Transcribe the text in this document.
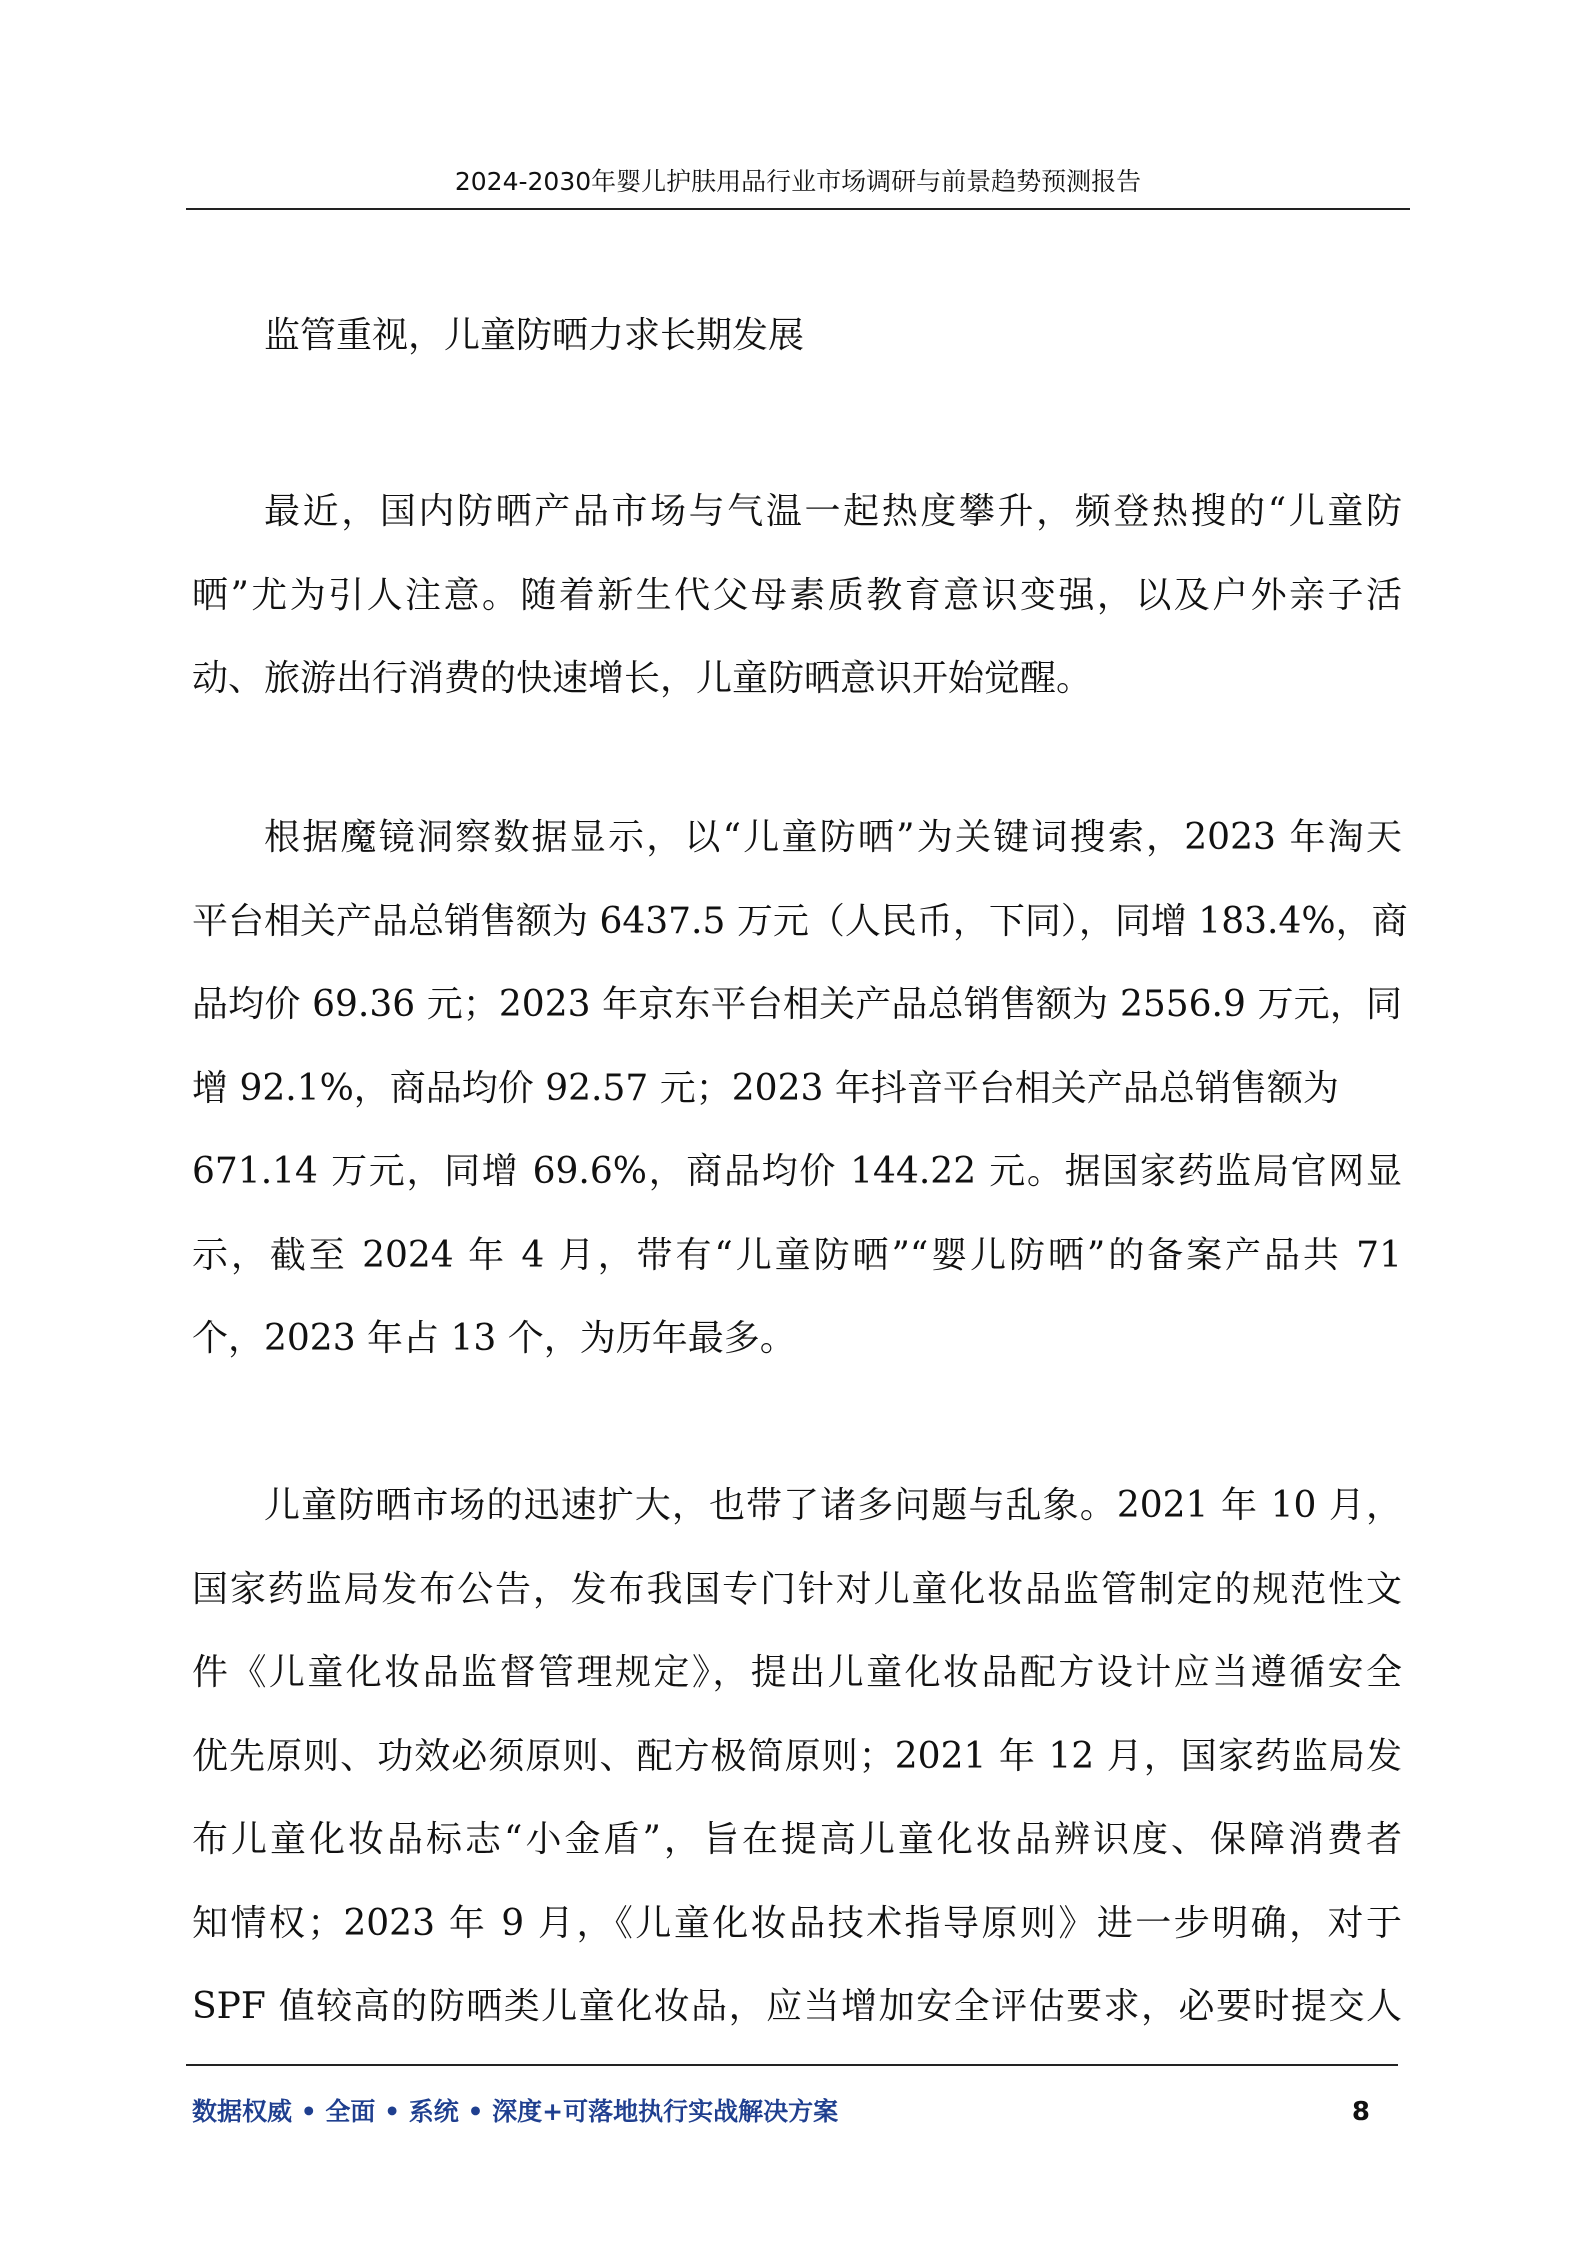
2024-2030年婴儿护肤用品行业市场调研与前景趋势预测报告
监管重视，儿童防晒力求长期发展
最近，国内防晒产品市场与气温一起热度攀升，频登热搜的“儿童防
晒”尤为引人注意。随着新生代父母素质教育意识变强，以及户外亲子活
动、旅游出行消费的快速增长，儿童防晒意识开始觉醒。
根据魔镜洞察数据显示，以“儿童防晒”为关键词搜索，2023 年淘天
平台相关产品总销售额为 6437.5 万元（人民币，下同），同增 183.4%，商
品均价 69.36 元；2023 年京东平台相关产品总销售额为 2556.9 万元，同
增 92.1%，商品均价 92.57 元；2023 年抖音平台相关产品总销售额为
671.14 万元，同增 69.6%，商品均价 144.22 元。据国家药监局官网显
示，截至 2024 年 4 月，带有“儿童防晒”“婴儿防晒”的备案产品共 71
个，2023 年占 13 个，为历年最多。
儿童防晒市场的迅速扩大，也带了诸多问题与乱象。2021 年 10 月，
国家药监局发布公告，发布我国专门针对儿童化妆品监管制定的规范性文
件《儿童化妆品监督管理规定》，提出儿童化妆品配方设计应当遵循安全
优先原则、功效必须原则、配方极简原则；2021 年 12 月，国家药监局发
布儿童化妆品标志“小金盾”，旨在提高儿童化妆品辨识度、保障消费者
知情权；2023 年 9 月，《儿童化妆品技术指导原则》进一步明确，对于
SPF 值较高的防晒类儿童化妆品，应当增加安全评估要求，必要时提交人
数据权威 • 全面 • 系统 • 深度+可落地执行实战解决方案	8
